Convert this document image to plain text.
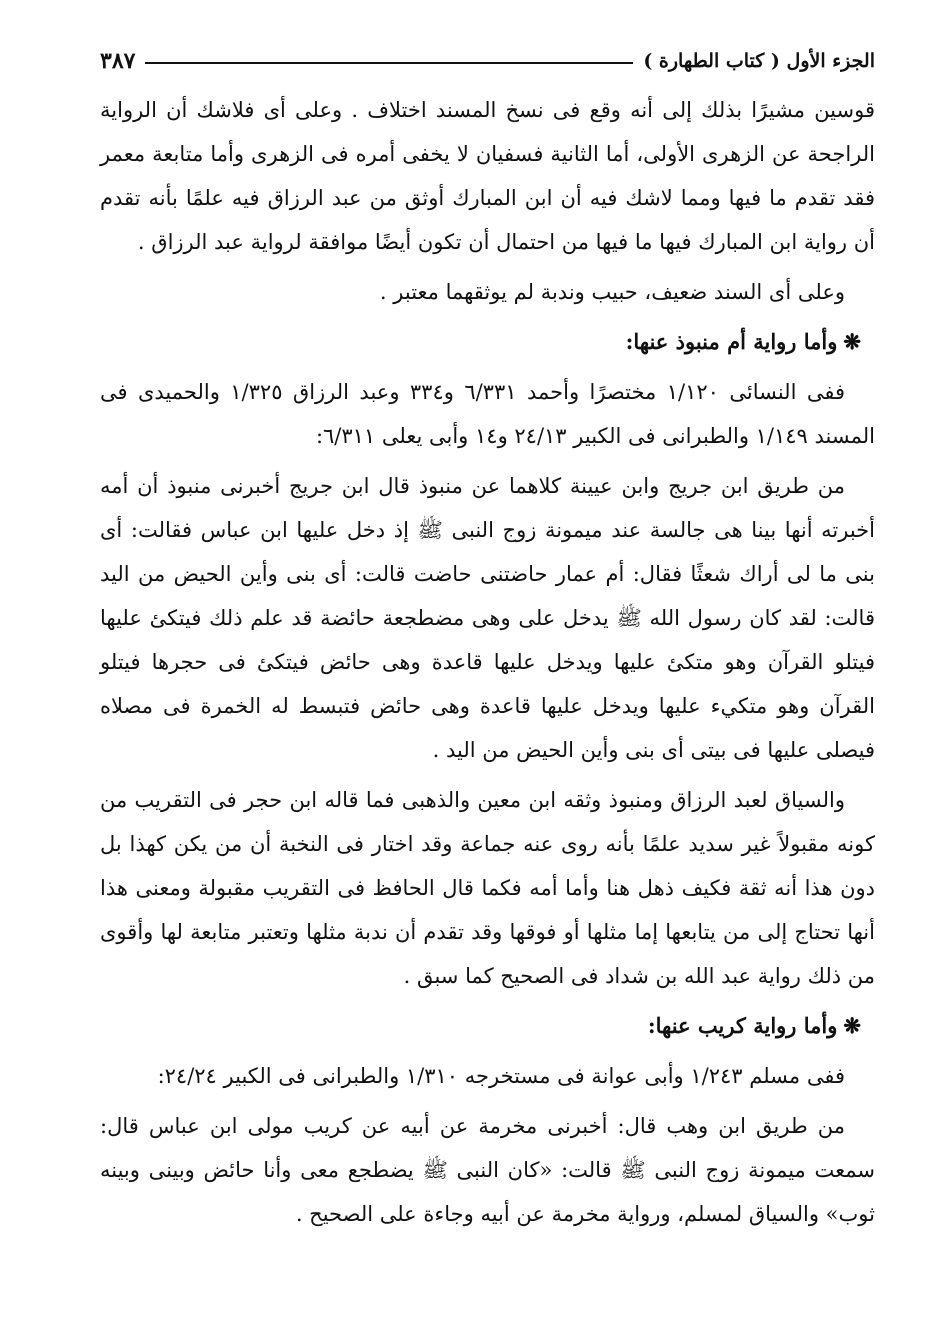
الجزء الأول ( كتاب الطهارة )
٣٨٧

قوسين مشيرًا بذلك إلى أنه وقع فى نسخ المسند اختلاف . وعلى أى فلاشك أن الرواية الراجحة عن الزهرى الأولى، أما الثانية فسفيان لا يخفى أمره فى الزهرى وأما متابعة معمر فقد تقدم ما فيها ومما لاشك فيه أن ابن المبارك أوثق من عبد الرزاق فيه علمًا بأنه تقدم أن رواية ابن المبارك فيها ما فيها من احتمال أن تكون أيضًا موافقة لرواية عبد الرزاق .

وعلى أى السند ضعيف، حبيب وندبة لم يوثقهما معتبر .

❋وأما رواية أم منبوذ عنها:

ففى النسائى ١/١٢٠ مختصرًا وأحمد ٦/٣٣١ و٣٣٤ وعبد الرزاق ١/٣٢٥ والحميدى فى المسند ١/١٤٩ والطبرانى فى الكبير ٢٤/١٣ و١٤ وأبى يعلى ٦/٣١١:

من طريق ابن جريج وابن عيينة كلاهما عن منبوذ قال ابن جريج أخبرنى منبوذ أن أمه أخبرته أنها بينا هى جالسة عند ميمونة زوج النبى ﷺ إذ دخل عليها ابن عباس فقالت: أى بنى ما لى أراك شعثًا فقال: أم عمار حاضتنى حاضت قالت: أى بنى وأين الحيض من اليد قالت: لقد كان رسول الله ﷺ يدخل على وهى مضطجعة حائضة قد علم ذلك فيتكئ عليها فيتلو القرآن وهو متكئ عليها ويدخل عليها قاعدة وهى حائض فيتكئ فى حجرها فيتلو القرآن وهو متكيء عليها ويدخل عليها قاعدة وهى حائض فتبسط له الخمرة فى مصلاه فيصلى عليها فى بيتى أى بنى وأين الحيض من اليد .

والسياق لعبد الرزاق ومنبوذ وثقه ابن معين والذهبى فما قاله ابن حجر فى التقريب من كونه مقبولاً غير سديد علمًا بأنه روى عنه جماعة وقد اختار فى النخبة أن من يكن كهذا بل دون هذا أنه ثقة فكيف ذهل هنا وأما أمه فكما قال الحافظ فى التقريب مقبولة ومعنى هذا أنها تحتاج إلى من يتابعها إما مثلها أو فوقها وقد تقدم أن ندبة مثلها وتعتبر متابعة لها وأقوى من ذلك رواية عبد الله بن شداد فى الصحيح كما سبق .

❋وأما رواية كريب عنها:

ففى مسلم ١/٢٤٣ وأبى عوانة فى مستخرجه ١/٣١٠ والطبرانى فى الكبير ٢٤/٢٤:

من طريق ابن وهب قال: أخبرنى مخرمة عن أبيه عن كريب مولى ابن عباس قال: سمعت ميمونة زوج النبى ﷺ قالت: «كان النبى ﷺ يضطجع معى وأنا حائض وبينى وبينه ثوب» والسياق لمسلم، ورواية مخرمة عن أبيه وجاءة على الصحيح .
